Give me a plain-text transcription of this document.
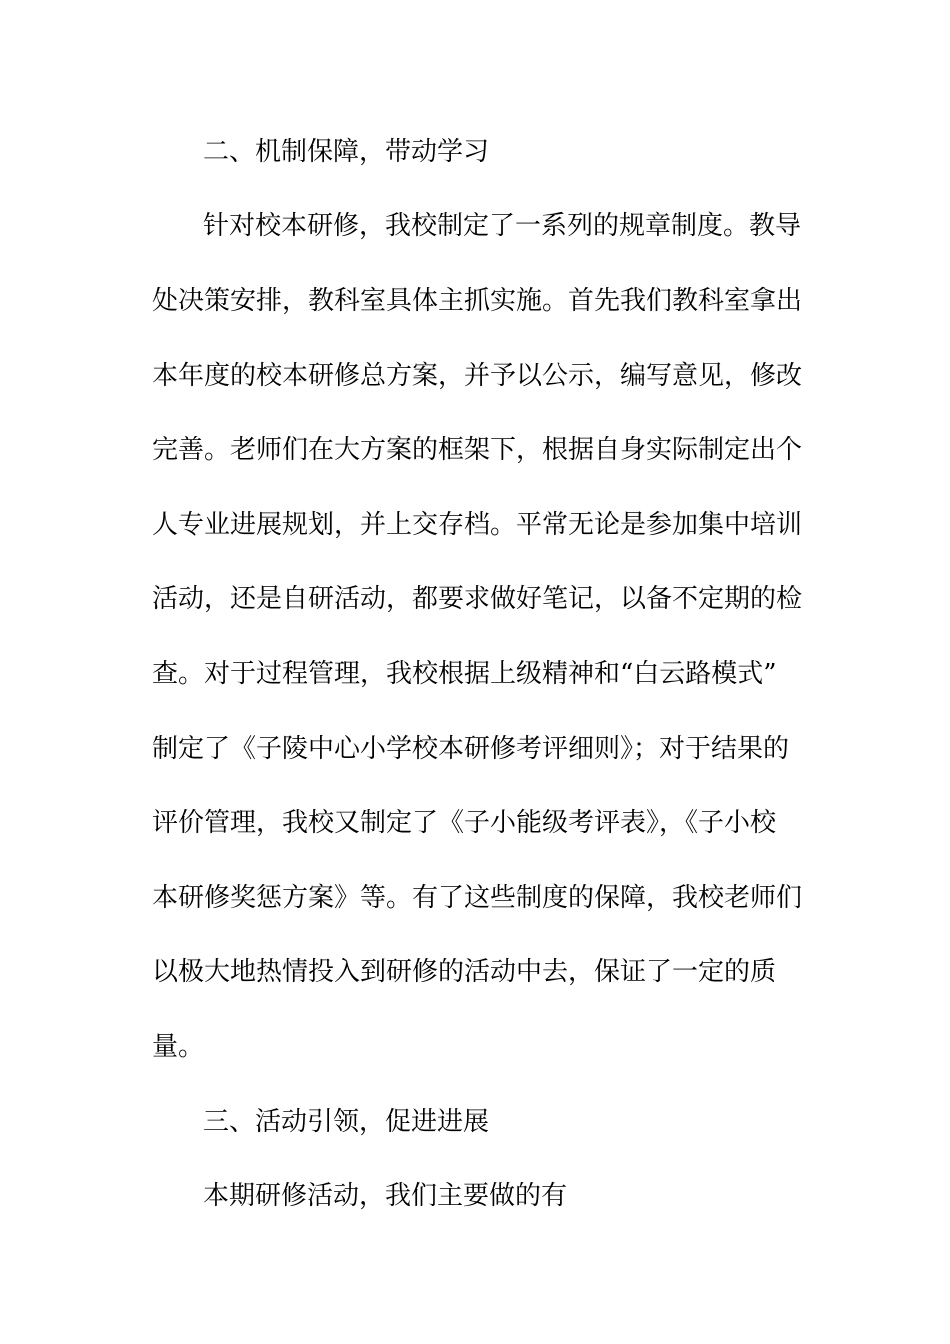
二、机制保障，带动学习
针对校本研修，我校制定了一系列的规章制度。教导
处决策安排，教科室具体主抓实施。首先我们教科室拿出
本年度的校本研修总方案，并予以公示，编写意见，修改
完善。老师们在大方案的框架下，根据自身实际制定出个
人专业进展规划，并上交存档。平常无论是参加集中培训
活动，还是自研活动，都要求做好笔记，以备不定期的检
查。对于过程管理，我校根据上级精神和“白云路模式”
制定了《子陵中心小学校本研修考评细则》；对于结果的
评价管理，我校又制定了《子小能级考评表》，《子小校
本研修奖惩方案》等。有了这些制度的保障，我校老师们
以极大地热情投入到研修的活动中去，保证了一定的质
量。
三、活动引领，促进进展
本期研修活动，我们主要做的有
